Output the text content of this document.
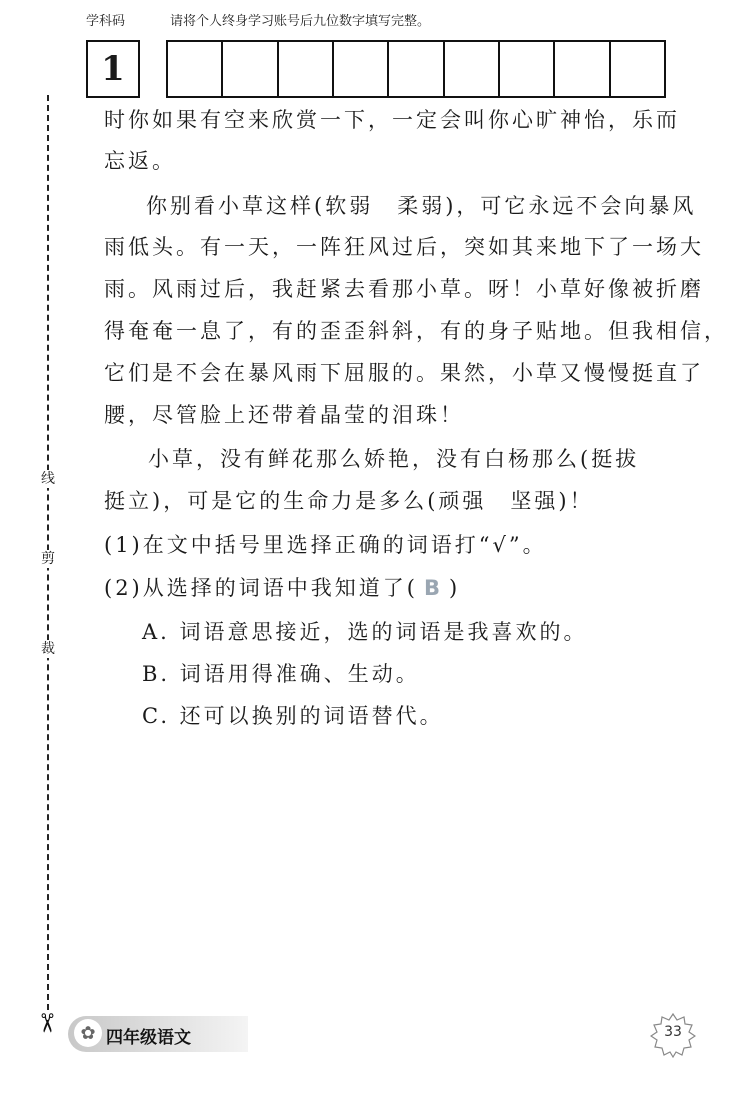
学科码	请将个人终身学习账号后九位数字填写完整。
1
线
剪
裁
✂
时你如果有空来欣赏一下，一定会叫你心旷神怡，乐而
忘返。
你别看小草这样(软弱　柔弱)，可它永远不会向暴风
雨低头。有一天，一阵狂风过后，突如其来地下了一场大
雨。风雨过后，我赶紧去看那小草。呀！小草好像被折磨
得奄奄一息了，有的歪歪斜斜，有的身子贴地。但我相信，
它们是不会在暴风雨下屈服的。果然，小草又慢慢挺直了
腰，尽管脸上还带着晶莹的泪珠！
小草，没有鲜花那么娇艳，没有白杨那么(挺拔
挺立)，可是它的生命力是多么(顽强　坚强)！
(1)在文中括号里选择正确的词语打“√”。
(2)从选择的词语中我知道了( B )
A. 词语意思接近，选的词语是我喜欢的。
B. 词语用得准确、生动。
C. 还可以换别的词语替代。
✿ 四年级语文	33
